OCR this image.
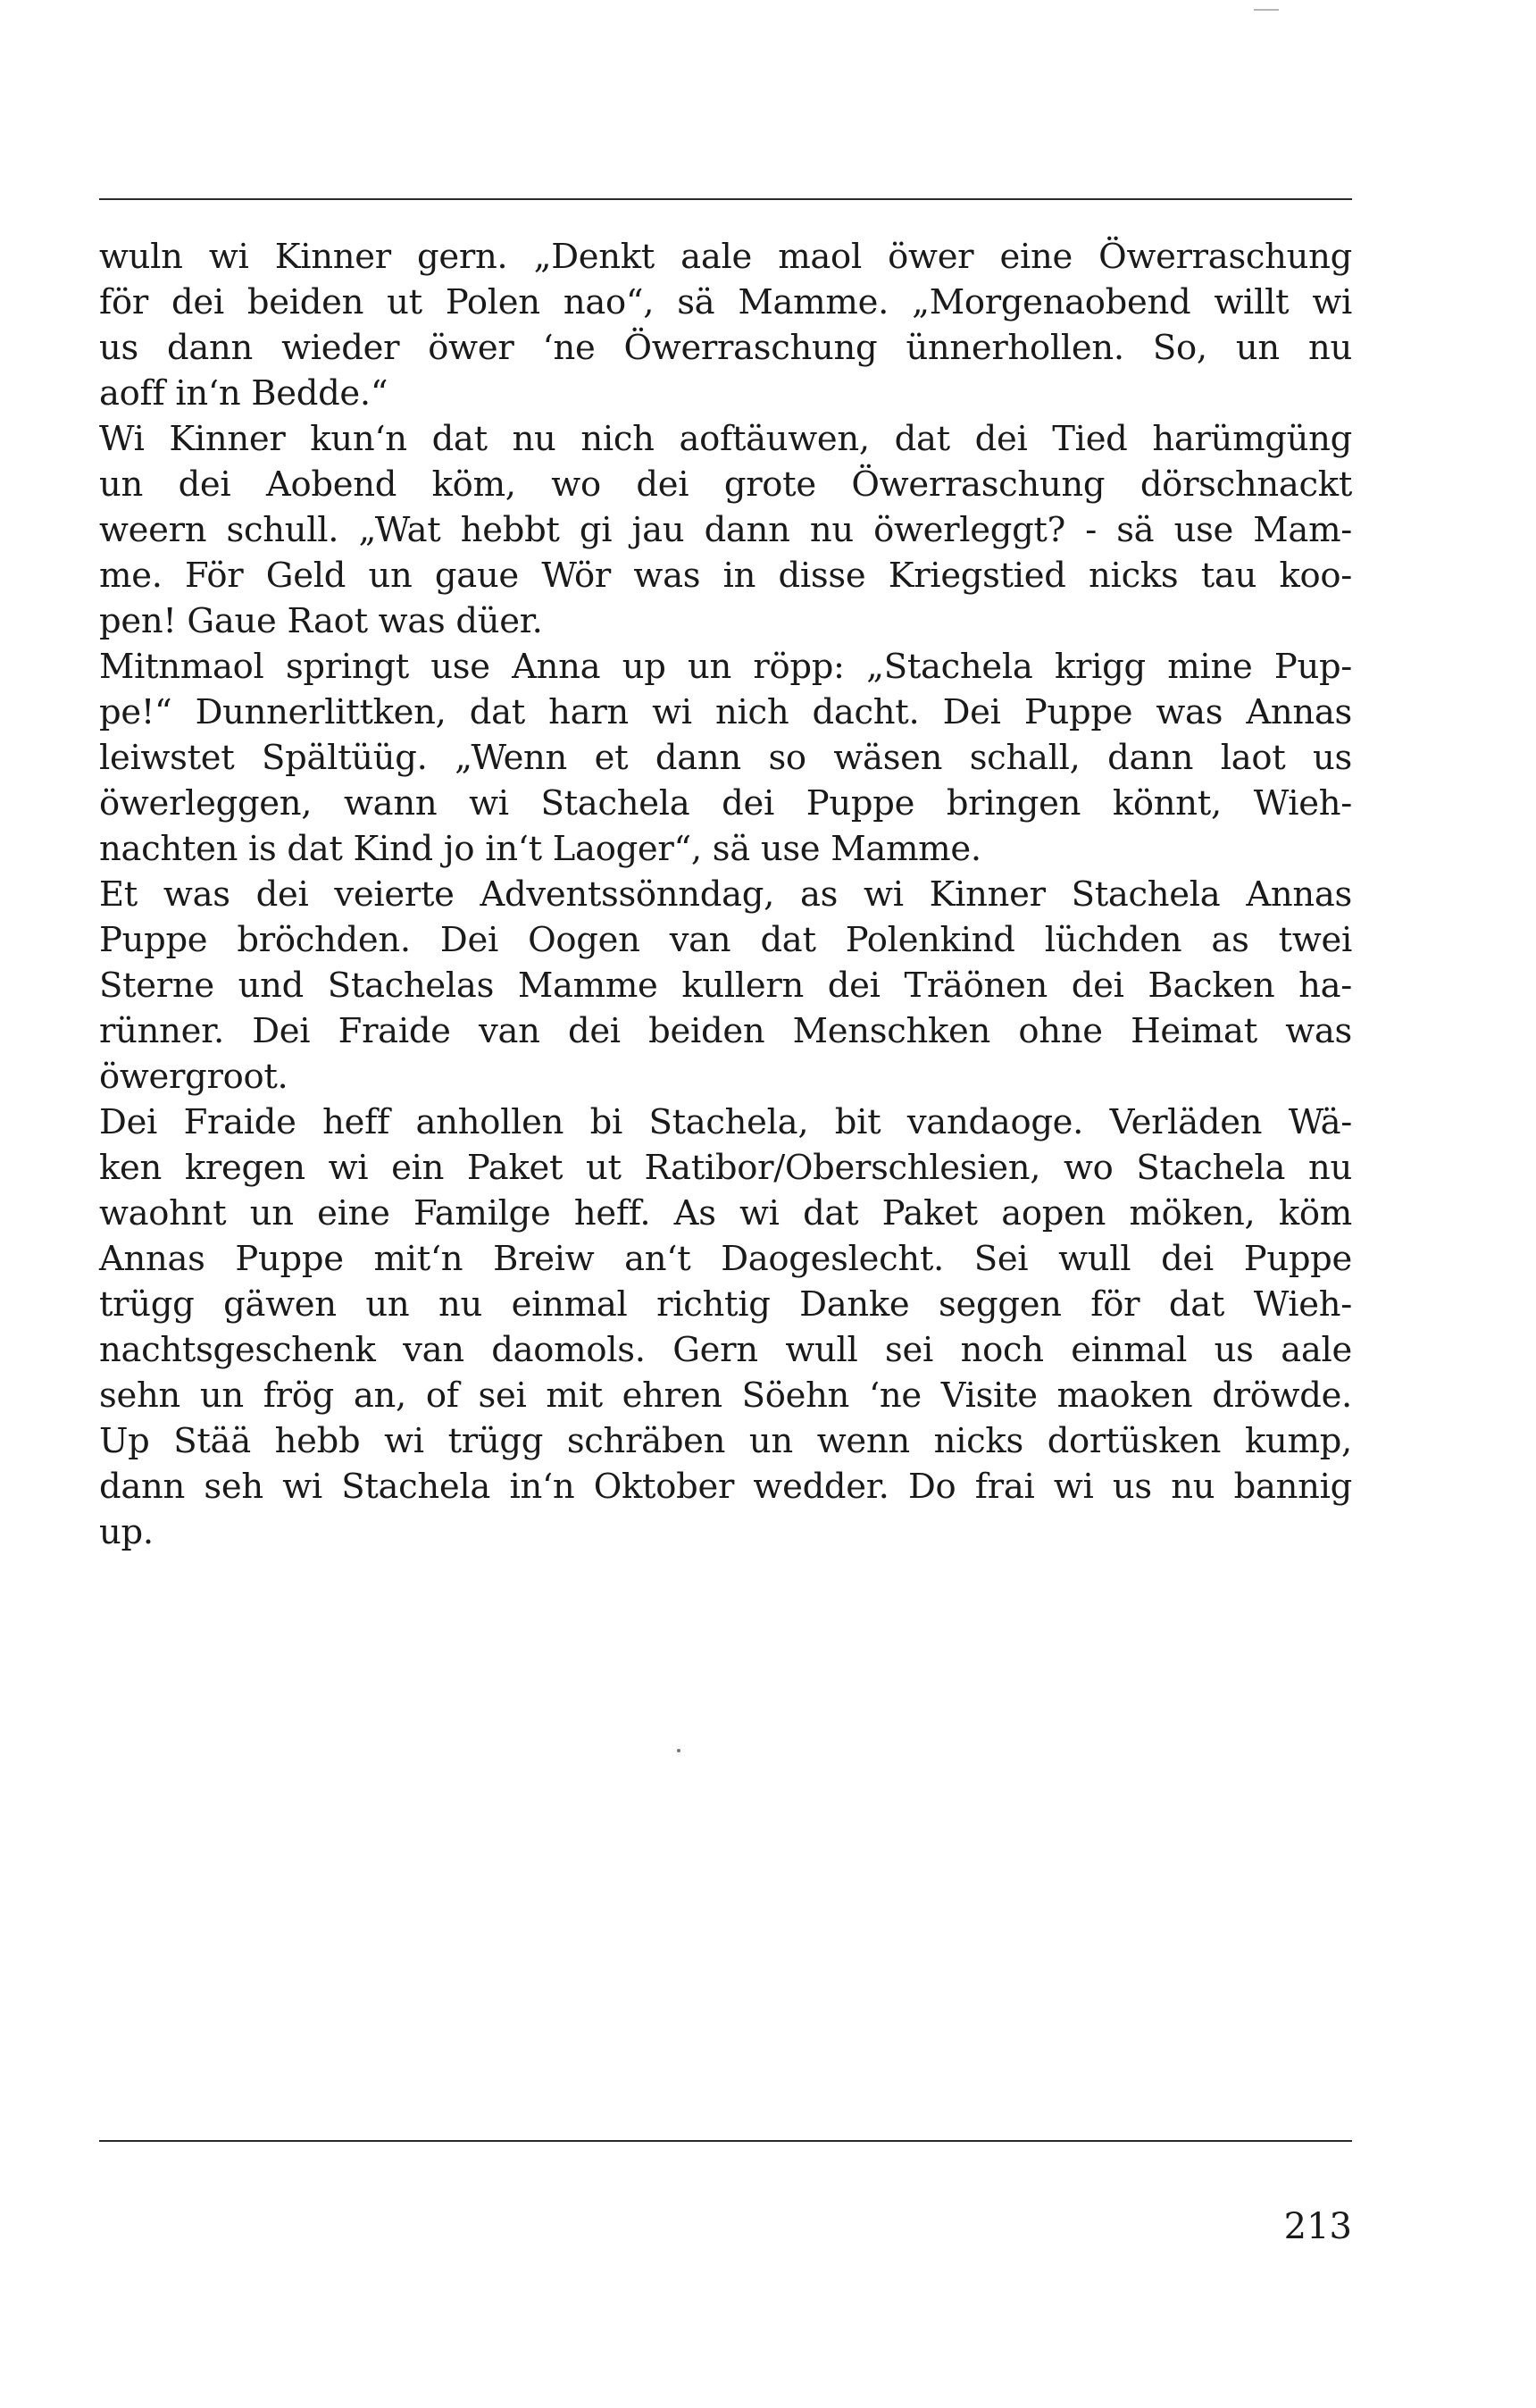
wuln wi Kinner gern. „Denkt aale maol öwer eine Öwerraschung
för dei beiden ut Polen nao“, sä Mamme. „Morgenaobend willt wi
us dann wieder öwer ‘ne Öwerraschung ünnerhollen. So, un nu
aoff in‘n Bedde.“
Wi Kinner kun‘n dat nu nich aoftäuwen, dat dei Tied harümgüng
un dei Aobend köm, wo dei grote Öwerraschung dörschnackt
weern schull. „Wat hebbt gi jau dann nu öwerleggt? - sä use Mam-
me. För Geld un gaue Wör was in disse Kriegstied nicks tau koo-
pen! Gaue Raot was düer.
Mitnmaol springt use Anna up un röpp: „Stachela krigg mine Pup-
pe!“ Dunnerlittken, dat harn wi nich dacht. Dei Puppe was Annas
leiwstet Spältüüg. „Wenn et dann so wäsen schall, dann laot us
öwerleggen, wann wi Stachela dei Puppe bringen könnt, Wieh-
nachten is dat Kind jo in‘t Laoger“, sä use Mamme.
Et was dei veierte Adventssönndag, as wi Kinner Stachela Annas
Puppe bröchden. Dei Oogen van dat Polenkind lüchden as twei
Sterne und Stachelas Mamme kullern dei Träönen dei Backen ha-
rünner. Dei Fraide van dei beiden Menschken ohne Heimat was
öwergroot.
Dei Fraide heff anhollen bi Stachela, bit vandaoge. Verläden Wä-
ken kregen wi ein Paket ut Ratibor/Oberschlesien, wo Stachela nu
waohnt un eine Familge heff. As wi dat Paket aopen möken, köm
Annas Puppe mit‘n Breiw an‘t Daogeslecht. Sei wull dei Puppe
trügg gäwen un nu einmal richtig Danke seggen för dat Wieh-
nachtsgeschenk van daomols. Gern wull sei noch einmal us aale
sehn un frög an, of sei mit ehren Söehn ‘ne Visite maoken dröwde.
Up Stää hebb wi trügg schräben un wenn nicks dortüsken kump,
dann seh wi Stachela in‘n Oktober wedder. Do frai wi us nu bannig
up.
213
